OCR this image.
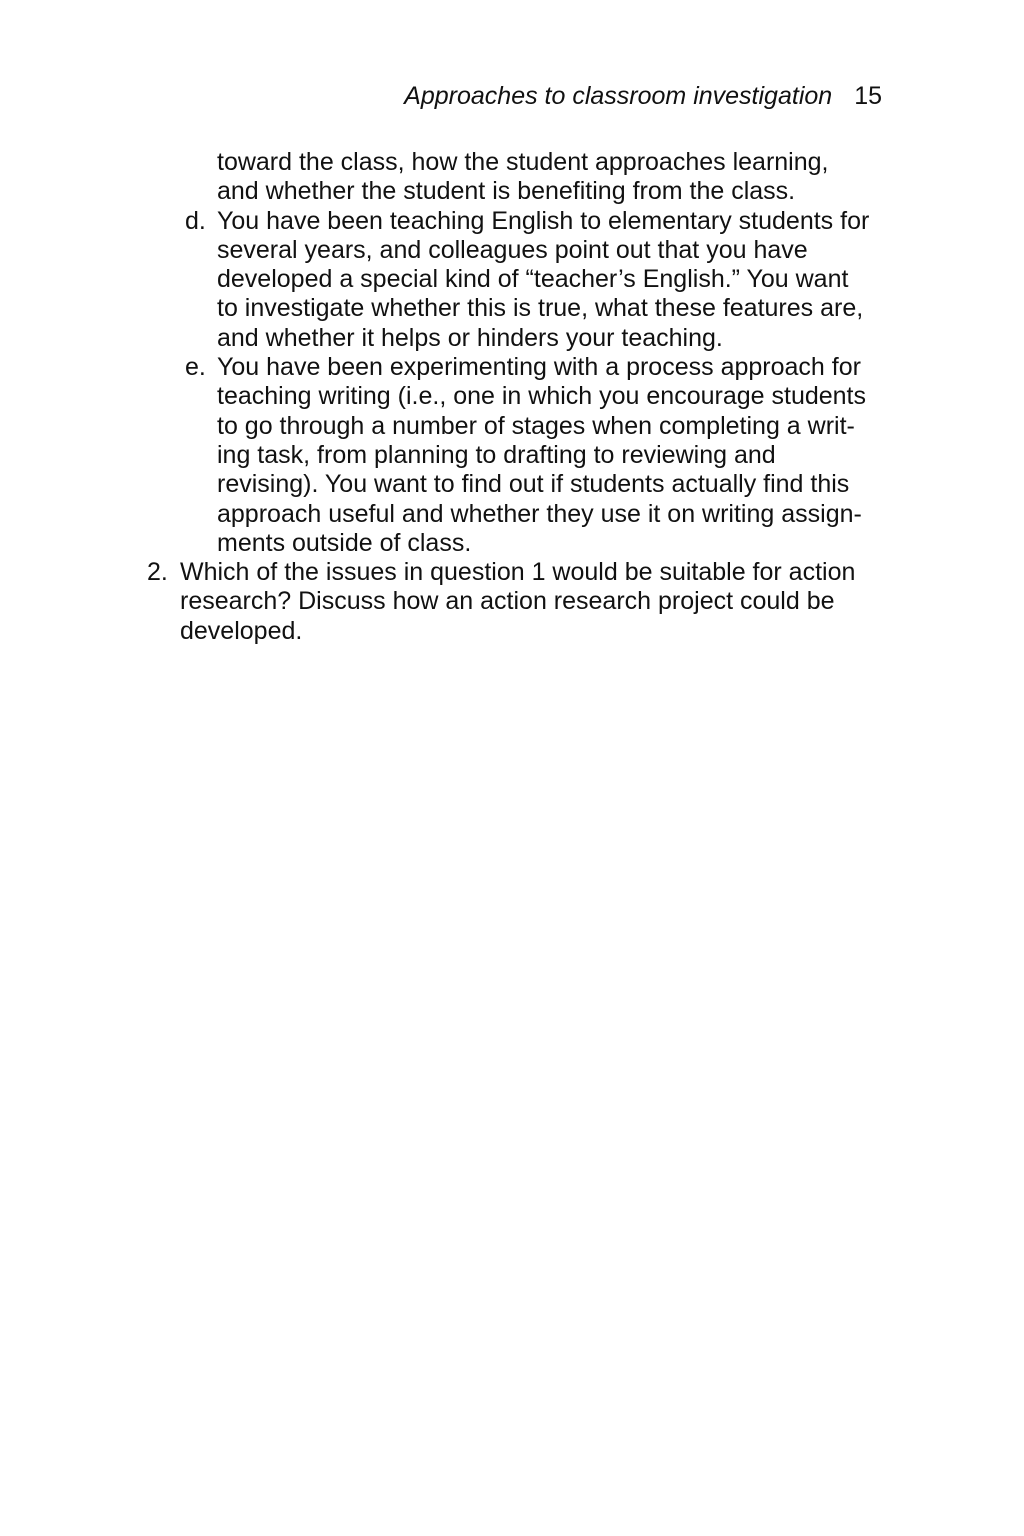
Approaches to classroom investigation 15
toward the class, how the student approaches learning,
and whether the student is benefiting from the class.
d. You have been teaching English to elementary students for
several years, and colleagues point out that you have
developed a special kind of “teacher’s English.” You want
to investigate whether this is true, what these features are,
and whether it helps or hinders your teaching.
e. You have been experimenting with a process approach for
teaching writing (i.e., one in which you encourage students
to go through a number of stages when completing a writ-
ing task, from planning to drafting to reviewing and
revising). You want to find out if students actually find this
approach useful and whether they use it on writing assign-
ments outside of class.
2. Which of the issues in question 1 would be suitable for action
research? Discuss how an action research project could be
developed.
